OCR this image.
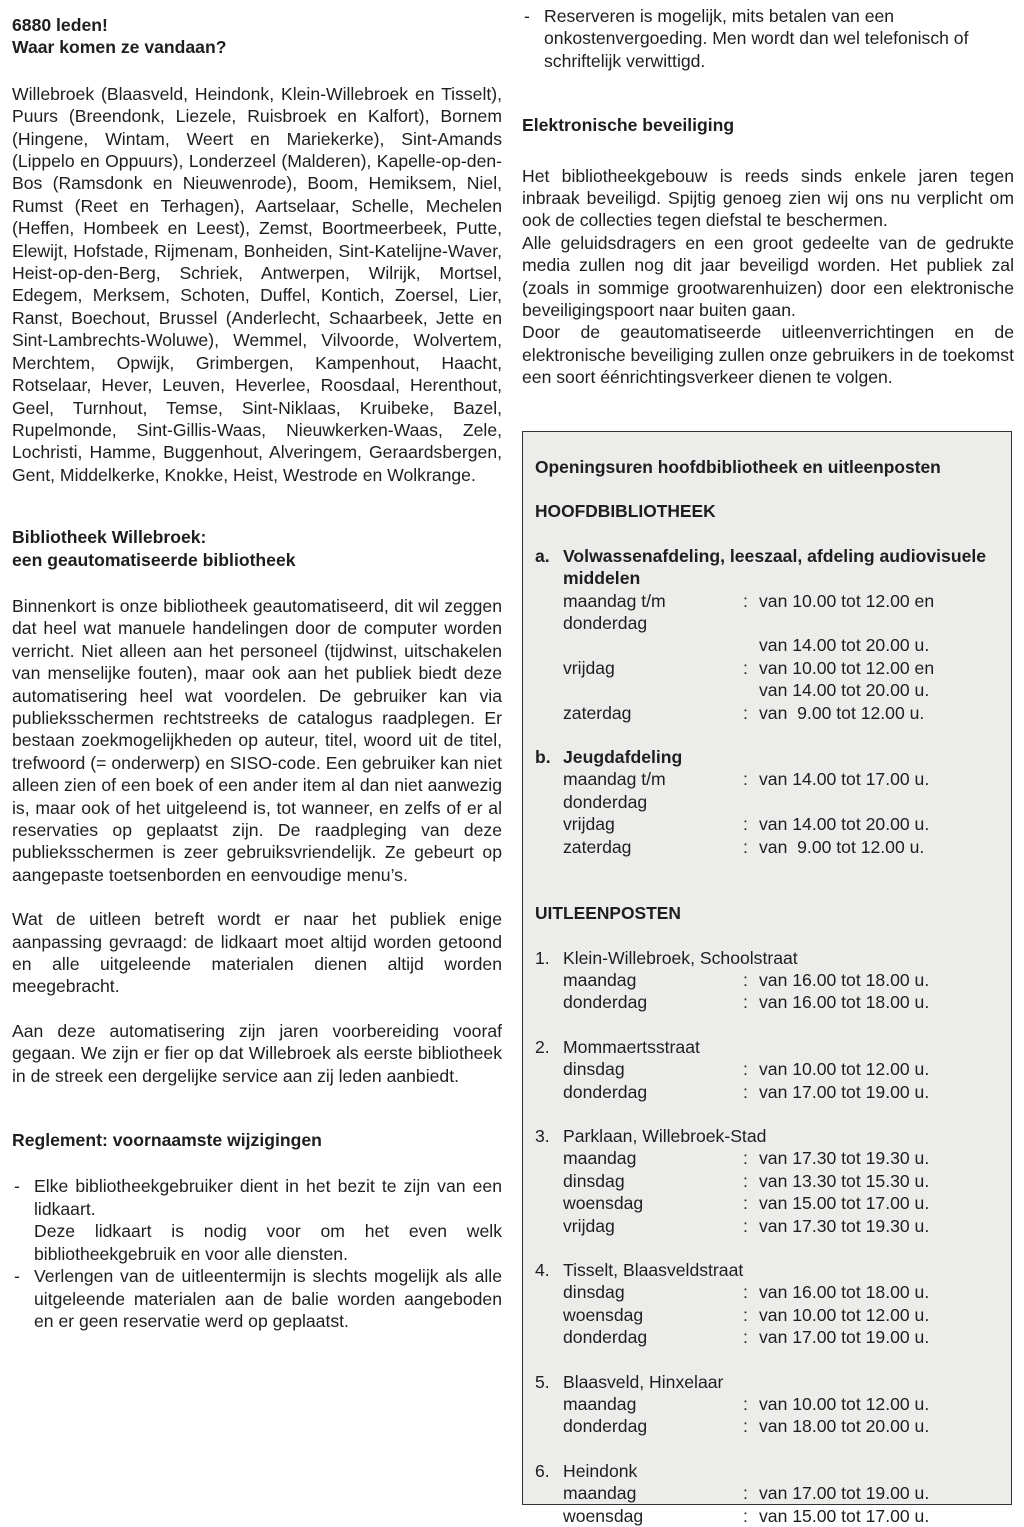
6880 leden!
Waar komen ze vandaan?

Willebroek (Blaasveld, Heindonk, Klein-Willebroek en Tisselt), Puurs (Breendonk, Liezele, Ruisbroek en Kalfort), Bornem (Hingene, Wintam, Weert en Mariekerke), Sint-Amands (Lippelo en Oppuurs), Londerzeel (Malderen), Kapelle-op-den-Bos (Ramsdonk en Nieuwenrode), Boom, Hemiksem, Niel, Rumst (Reet en Terhagen), Aartselaar, Schelle, Mechelen (Heffen, Hombeek en Leest), Zemst, Boortmeerbeek, Putte, Elewijt, Hofstade, Rijmenam, Bonheiden, Sint-Katelijne-Waver, Heist-op-den-Berg, Schriek, Antwerpen, Wilrijk, Mortsel, Edegem, Merksem, Schoten, Duffel, Kontich, Zoersel, Lier, Ranst, Boechout, Brussel (Anderlecht, Schaarbeek, Jette en Sint-Lambrechts-Woluwe), Wemmel, Vilvoorde, Wolvertem, Merchtem, Opwijk, Grimbergen, Kampenhout, Haacht, Rotselaar, Hever, Leuven, Heverlee, Roosdaal, Herenthout, Geel, Turnhout, Temse, Sint-Niklaas, Kruibeke, Bazel, Rupelmonde, Sint-Gillis-Waas, Nieuwkerken-Waas, Zele, Lochristi, Hamme, Buggenhout, Alveringem, Geraardsbergen, Gent, Middelkerke, Knokke, Heist, Westrode en Wolkrange.

Bibliotheek Willebroek:
een geautomatiseerde bibliotheek

Binnenkort is onze bibliotheek geautomatiseerd, dit wil zeggen dat heel wat manuele handelingen door de computer worden verricht. Niet alleen aan het personeel (tijdwinst, uitschakelen van menselijke fouten), maar ook aan het publiek biedt deze automatisering heel wat voordelen. De gebruiker kan via publieksschermen rechtstreeks de catalogus raadplegen. Er bestaan zoekmogelijkheden op auteur, titel, woord uit de titel, trefwoord (= onderwerp) en SISO-code. Een gebruiker kan niet alleen zien of een boek of een ander item al dan niet aanwezig is, maar ook of het uitgeleend is, tot wanneer, en zelfs of er al reservaties op geplaatst zijn. De raadpleging van deze publieksschermen is zeer gebruiksvriendelijk. Ze gebeurt op aangepaste toetsenborden en eenvoudige menu’s.

Wat de uitleen betreft wordt er naar het publiek enige aanpassing gevraagd: de lidkaart moet altijd worden getoond en alle uitgeleende materialen dienen altijd worden meegebracht.

Aan deze automatisering zijn jaren voorbereiding vooraf gegaan. We zijn er fier op dat Willebroek als eerste bibliotheek in de streek een dergelijke service aan zij leden aanbiedt.

Reglement: voornaamste wijzigingen
- Elke bibliotheekgebruiker dient in het bezit te zijn van een lidkaart.
Deze lidkaart is nodig voor om het even welk bibliotheekgebruik en voor alle diensten.
- Verlengen van de uitleentermijn is slechts mogelijk als alle uitgeleende materialen aan de balie worden aangeboden en er geen reservatie werd op geplaatst.
- Reserveren is mogelijk, mits betalen van een onkostenvergoeding. Men wordt dan wel telefonisch of schriftelijk verwittigd.
Elektronische beveiliging

Het bibliotheekgebouw is reeds sinds enkele jaren tegen inbraak beveiligd. Spijtig genoeg zien wij ons nu verplicht om ook de collecties tegen diefstal te beschermen.

Alle geluidsdragers en een groot gedeelte van de gedrukte media zullen nog dit jaar beveiligd worden. Het publiek zal (zoals in sommige grootwarenhuizen) door een elektronische beveiligingspoort naar buiten gaan.

Door de geautomatiseerde uitleenverrichtingen en de elektronische beveiliging zullen onze gebruikers in de toekomst een soort éénrichtingsverkeer dienen te volgen.

Openingsuren hoofdbibliotheek en uitleenposten
HOOFDBIBLIOTHEEK
a. Volwassenafdeling, leeszaal, afdeling audiovisuele middelen
maandag t/m donderdag
: van 10.00 tot 12.00 en
van 14.00 tot 20.00 u.
vrijdag	: van 10.00 tot 12.00 en
van 14.00 tot 20.00 u.
zaterdag	: van  9.00 tot 12.00 u.
b. Jeugdafdeling
maandag t/m donderdag
: van 14.00 tot 17.00 u.
vrijdag	: van 14.00 tot 20.00 u.
zaterdag	: van  9.00 tot 12.00 u.
UITLEENPOSTEN
1. Klein-Willebroek, Schoolstraat
maandag	: van 16.00 tot 18.00 u.
donderdag	: van 16.00 tot 18.00 u.
2. Mommaertsstraat
dinsdag	: van 10.00 tot 12.00 u.
donderdag	: van 17.00 tot 19.00 u.
3. Parklaan, Willebroek-Stad
maandag	: van 17.30 tot 19.30 u.
dinsdag	: van 13.30 tot 15.30 u.
woensdag	: van 15.00 tot 17.00 u.
vrijdag	: van 17.30 tot 19.30 u.
4. Tisselt, Blaasveldstraat
dinsdag	: van 16.00 tot 18.00 u.
woensdag	: van 10.00 tot 12.00 u.
donderdag	: van 17.00 tot 19.00 u.
5. Blaasveld, Hinxelaar
maandag	: van 10.00 tot 12.00 u.
donderdag	: van 18.00 tot 20.00 u.
6. Heindonk
maandag	: van 17.00 tot 19.00 u.
woensdag	: van 15.00 tot 17.00 u.
